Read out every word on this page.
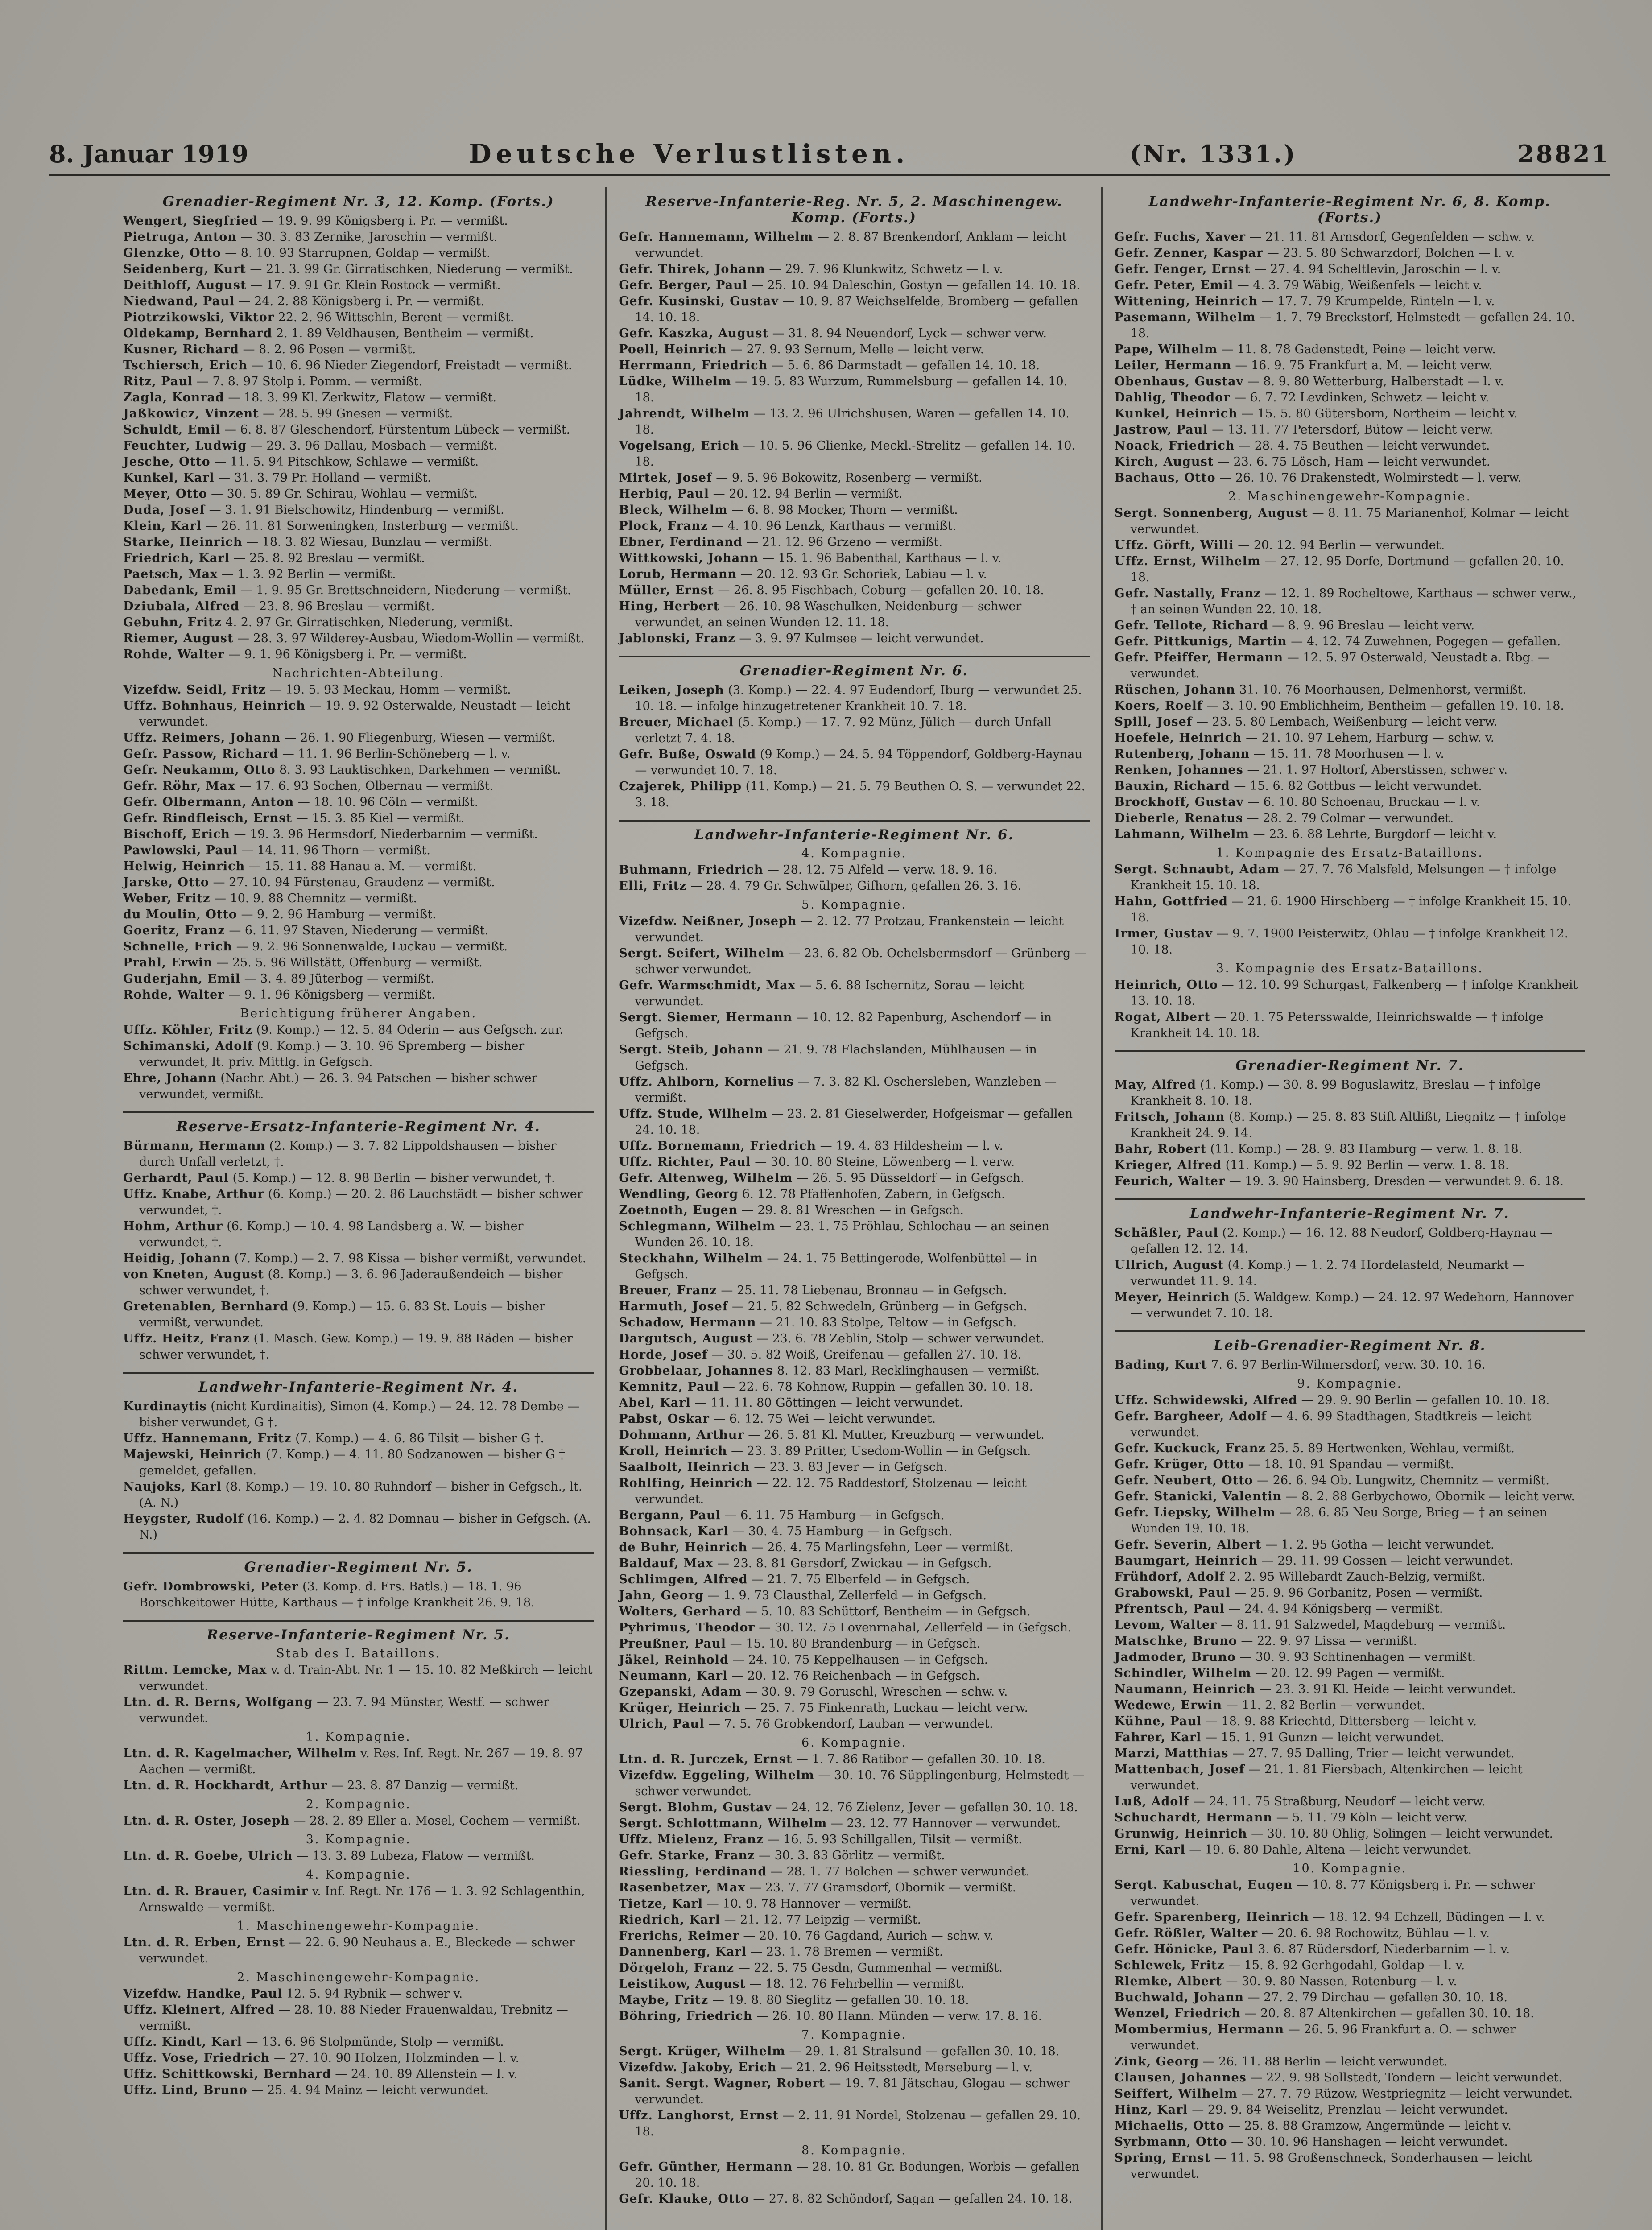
8. Januar 1919	Deutsche Verlustlisten.	(Nr. 1331.)	28821
Grenadier-Regiment Nr. 3, 12. Komp. (Forts.)

Wengert, Siegfried — 19. 9. 99 Königsberg i. Pr. — vermißt.

Pietruga, Anton — 30. 3. 83 Zernike, Jaroschin — vermißt.

Glenzke, Otto — 8. 10. 93 Starrupnen, Goldap — vermißt.

Seidenberg, Kurt — 21. 3. 99 Gr. Girratischken, Niederung — vermißt.

Deithloff, August — 17. 9. 91 Gr. Klein Rostock — vermißt.

Niedwand, Paul — 24. 2. 88 Königsberg i. Pr. — vermißt.

Piotrzikowski, Viktor 22. 2. 96 Wittschin, Berent — vermißt.

Oldekamp, Bernhard 2. 1. 89 Veldhausen, Bentheim — vermißt.

Kusner, Richard — 8. 2. 96 Posen — vermißt.

Tschiersch, Erich — 10. 6. 96 Nieder Ziegendorf, Freistadt — vermißt.

Ritz, Paul — 7. 8. 97 Stolp i. Pomm. — vermißt.

Zagla, Konrad — 18. 3. 99 Kl. Zerkwitz, Flatow — vermißt.

Jaßkowicz, Vinzent — 28. 5. 99 Gnesen — vermißt.

Schuldt, Emil — 6. 8. 87 Gleschendorf, Fürstentum Lübeck — vermißt.

Feuchter, Ludwig — 29. 3. 96 Dallau, Mosbach — vermißt.

Jesche, Otto — 11. 5. 94 Pitschkow, Schlawe — vermißt.

Kunkel, Karl — 31. 3. 79 Pr. Holland — vermißt.

Meyer, Otto — 30. 5. 89 Gr. Schirau, Wohlau — vermißt.

Duda, Josef — 3. 1. 91 Bielschowitz, Hindenburg — vermißt.

Klein, Karl — 26. 11. 81 Sorweningken, Insterburg — vermißt.

Starke, Heinrich — 18. 3. 82 Wiesau, Bunzlau — vermißt.

Friedrich, Karl — 25. 8. 92 Breslau — vermißt.

Paetsch, Max — 1. 3. 92 Berlin — vermißt.

Dabedank, Emil — 1. 9. 95 Gr. Brettschneidern, Niederung — vermißt.

Dziubala, Alfred — 23. 8. 96 Breslau — vermißt.

Gebuhn, Fritz 4. 2. 97 Gr. Girratischken, Niederung, vermißt.

Riemer, August — 28. 3. 97 Wilderey-Ausbau, Wiedom-Wollin — vermißt.

Rohde, Walter — 9. 1. 96 Königsberg i. Pr. — vermißt.

Nachrichten-Abteilung.

Vizefdw. Seidl, Fritz — 19. 5. 93 Meckau, Homm — vermißt.

Uffz. Bohnhaus, Heinrich — 19. 9. 92 Osterwalde, Neustadt — leicht verwundet.

Uffz. Reimers, Johann — 26. 1. 90 Fliegenburg, Wiesen — vermißt.

Gefr. Passow, Richard — 11. 1. 96 Berlin-Schöneberg — l. v.

Gefr. Neukamm, Otto 8. 3. 93 Lauktischken, Darkehmen — vermißt.

Gefr. Röhr, Max — 17. 6. 93 Sochen, Olbernau — vermißt.

Gefr. Olbermann, Anton — 18. 10. 96 Cöln — vermißt.

Gefr. Rindfleisch, Ernst — 15. 3. 85 Kiel — vermißt.

Bischoff, Erich — 19. 3. 96 Hermsdorf, Niederbarnim — vermißt.

Pawlowski, Paul — 14. 11. 96 Thorn — vermißt.

Helwig, Heinrich — 15. 11. 88 Hanau a. M. — vermißt.

Jarske, Otto — 27. 10. 94 Fürstenau, Graudenz — vermißt.

Weber, Fritz — 10. 9. 88 Chemnitz — vermißt.

du Moulin, Otto — 9. 2. 96 Hamburg — vermißt.

Goeritz, Franz — 6. 11. 97 Staven, Niederung — vermißt.

Schnelle, Erich — 9. 2. 96 Sonnenwalde, Luckau — vermißt.

Prahl, Erwin — 25. 5. 96 Willstätt, Offenburg — vermißt.

Guderjahn, Emil — 3. 4. 89 Jüterbog — vermißt.

Rohde, Walter — 9. 1. 96 Königsberg — vermißt.

Berichtigung früherer Angaben.

Uffz. Köhler, Fritz (9. Komp.) — 12. 5. 84 Oderin — aus Gefgsch. zur.

Schimanski, Adolf (9. Komp.) — 3. 10. 96 Spremberg — bisher verwundet, lt. priv. Mittlg. in Gefgsch.

Ehre, Johann (Nachr. Abt.) — 26. 3. 94 Patschen — bisher schwer verwundet, vermißt.

Reserve-Ersatz-Infanterie-Regiment Nr. 4.

Bürmann, Hermann (2. Komp.) — 3. 7. 82 Lippoldshausen — bisher durch Unfall verletzt, †.

Gerhardt, Paul (5. Komp.) — 12. 8. 98 Berlin — bisher verwundet, †.

Uffz. Knabe, Arthur (6. Komp.) — 20. 2. 86 Lauchstädt — bisher schwer verwundet, †.

Hohm, Arthur (6. Komp.) — 10. 4. 98 Landsberg a. W. — bisher verwundet, †.

Heidig, Johann (7. Komp.) — 2. 7. 98 Kissa — bisher vermißt, verwundet.

von Kneten, August (8. Komp.) — 3. 6. 96 Jaderaußendeich — bisher schwer verwundet, †.

Gretenablen, Bernhard (9. Komp.) — 15. 6. 83 St. Louis — bisher vermißt, verwundet.

Uffz. Heitz, Franz (1. Masch. Gew. Komp.) — 19. 9. 88 Räden — bisher schwer verwundet, †.

Landwehr-Infanterie-Regiment Nr. 4.

Kurdinaytis (nicht Kurdinaitis), Simon (4. Komp.) — 24. 12. 78 Dembe — bisher verwundet, G †.

Uffz. Hannemann, Fritz (7. Komp.) — 4. 6. 86 Tilsit — bisher G †.

Majewski, Heinrich (7. Komp.) — 4. 11. 80 Sodzanowen — bisher G † gemeldet, gefallen.

Naujoks, Karl (8. Komp.) — 19. 10. 80 Ruhndorf — bisher in Gefgsch., lt. (A. N.)

Heygster, Rudolf (16. Komp.) — 2. 4. 82 Domnau — bisher in Gefgsch. (A. N.)

Grenadier-Regiment Nr. 5.

Gefr. Dombrowski, Peter (3. Komp. d. Ers. Batls.) — 18. 1. 96 Borschkeitower Hütte, Karthaus — † infolge Krankheit 26. 9. 18.

Reserve-Infanterie-Regiment Nr. 5.
Stab des I. Bataillons.

Rittm. Lemcke, Max v. d. Train-Abt. Nr. 1 — 15. 10. 82 Meßkirch — leicht verwundet.

Ltn. d. R. Berns, Wolfgang — 23. 7. 94 Münster, Westf. — schwer verwundet.

1. Kompagnie.

Ltn. d. R. Kagelmacher, Wilhelm v. Res. Inf. Regt. Nr. 267 — 19. 8. 97 Aachen — vermißt.

Ltn. d. R. Hockhardt, Arthur — 23. 8. 87 Danzig — vermißt.

2. Kompagnie.

Ltn. d. R. Oster, Joseph — 28. 2. 89 Eller a. Mosel, Cochem — vermißt.

3. Kompagnie.

Ltn. d. R. Goebe, Ulrich — 13. 3. 89 Lubeza, Flatow — vermißt.

4. Kompagnie.

Ltn. d. R. Brauer, Casimir v. Inf. Regt. Nr. 176 — 1. 3. 92 Schlagenthin, Arnswalde — vermißt.

1. Maschinengewehr-Kompagnie.

Ltn. d. R. Erben, Ernst — 22. 6. 90 Neuhaus a. E., Bleckede — schwer verwundet.

2. Maschinengewehr-Kompagnie.

Vizefdw. Handke, Paul 12. 5. 94 Rybnik — schwer v.

Uffz. Kleinert, Alfred — 28. 10. 88 Nieder Frauenwaldau, Trebnitz — vermißt.

Uffz. Kindt, Karl — 13. 6. 96 Stolpmünde, Stolp — vermißt.

Uffz. Vose, Friedrich — 27. 10. 90 Holzen, Holzminden — l. v.

Uffz. Schittkowski, Bernhard — 24. 10. 89 Allenstein — l. v.

Uffz. Lind, Bruno — 25. 4. 94 Mainz — leicht verwundet.

Reserve-Infanterie-Reg. Nr. 5, 2. Maschinengew. Komp. (Forts.)

Gefr. Hannemann, Wilhelm — 2. 8. 87 Brenkendorf, Anklam — leicht verwundet.

Gefr. Thirek, Johann — 29. 7. 96 Klunkwitz, Schwetz — l. v.

Gefr. Berger, Paul — 25. 10. 94 Daleschin, Gostyn — gefallen 14. 10. 18.

Gefr. Kusinski, Gustav — 10. 9. 87 Weichselfelde, Bromberg — gefallen 14. 10. 18.

Gefr. Kaszka, August — 31. 8. 94 Neuendorf, Lyck — schwer verw.

Poell, Heinrich — 27. 9. 93 Sernum, Melle — leicht verw.

Herrmann, Friedrich — 5. 6. 86 Darmstadt — gefallen 14. 10. 18.

Lüdke, Wilhelm — 19. 5. 83 Wurzum, Rummelsburg — gefallen 14. 10. 18.

Jahrendt, Wilhelm — 13. 2. 96 Ulrichshusen, Waren — gefallen 14. 10. 18.

Vogelsang, Erich — 10. 5. 96 Glienke, Meckl.-Strelitz — gefallen 14. 10. 18.

Mirtek, Josef — 9. 5. 96 Bokowitz, Rosenberg — vermißt.

Herbig, Paul — 20. 12. 94 Berlin — vermißt.

Bleck, Wilhelm — 6. 8. 98 Mocker, Thorn — vermißt.

Plock, Franz — 4. 10. 96 Lenzk, Karthaus — vermißt.

Ebner, Ferdinand — 21. 12. 96 Grzeno — vermißt.

Wittkowski, Johann — 15. 1. 96 Babenthal, Karthaus — l. v.

Lorub, Hermann — 20. 12. 93 Gr. Schoriek, Labiau — l. v.

Müller, Ernst — 26. 8. 95 Fischbach, Coburg — gefallen 20. 10. 18.

Hing, Herbert — 26. 10. 98 Waschulken, Neidenburg — schwer verwundet, an seinen Wunden 12. 11. 18.

Jablonski, Franz — 3. 9. 97 Kulmsee — leicht verwundet.

Grenadier-Regiment Nr. 6.

Leiken, Joseph (3. Komp.) — 22. 4. 97 Eudendorf, Iburg — verwundet 25. 10. 18. — infolge hinzugetretener Krankheit 10. 7. 18.

Breuer, Michael (5. Komp.) — 17. 7. 92 Münz, Jülich — durch Unfall verletzt 7. 4. 18.

Gefr. Buße, Oswald (9 Komp.) — 24. 5. 94 Töppendorf, Goldberg-Haynau — verwundet 10. 7. 18.

Czajerek, Philipp (11. Komp.) — 21. 5. 79 Beuthen O. S. — verwundet 22. 3. 18.

Landwehr-Infanterie-Regiment Nr. 6.
4. Kompagnie.

Buhmann, Friedrich — 28. 12. 75 Alfeld — verw. 18. 9. 16.

Elli, Fritz — 28. 4. 79 Gr. Schwülper, Gifhorn, gefallen 26. 3. 16.

5. Kompagnie.

Vizefdw. Neißner, Joseph — 2. 12. 77 Protzau, Frankenstein — leicht verwundet.

Sergt. Seifert, Wilhelm — 23. 6. 82 Ob. Ochelsbermsdorf — Grünberg — schwer verwundet.

Gefr. Warmschmidt, Max — 5. 6. 88 Ischernitz, Sorau — leicht verwundet.

Sergt. Siemer, Hermann — 10. 12. 82 Papenburg, Aschendorf — in Gefgsch.

Sergt. Steib, Johann — 21. 9. 78 Flachslanden, Mühlhausen — in Gefgsch.

Uffz. Ahlborn, Kornelius — 7. 3. 82 Kl. Oschersleben, Wanzleben — vermißt.

Uffz. Stude, Wilhelm — 23. 2. 81 Gieselwerder, Hofgeismar — gefallen 24. 10. 18.

Uffz. Bornemann, Friedrich — 19. 4. 83 Hildesheim — l. v.

Uffz. Richter, Paul — 30. 10. 80 Steine, Löwenberg — l. verw.

Gefr. Altenweg, Wilhelm — 26. 5. 95 Düsseldorf — in Gefgsch.

Wendling, Georg 6. 12. 78 Pfaffenhofen, Zabern, in Gefgsch.

Zoetnoth, Eugen — 29. 8. 81 Wreschen — in Gefgsch.

Schlegmann, Wilhelm — 23. 1. 75 Pröhlau, Schlochau — an seinen Wunden 26. 10. 18.

Steckhahn, Wilhelm — 24. 1. 75 Bettingerode, Wolfenbüttel — in Gefgsch.

Breuer, Franz — 25. 11. 78 Liebenau, Bronnau — in Gefgsch.

Harmuth, Josef — 21. 5. 82 Schwedeln, Grünberg — in Gefgsch.

Schadow, Hermann — 21. 10. 83 Stolpe, Teltow — in Gefgsch.

Dargutsch, August — 23. 6. 78 Zeblin, Stolp — schwer verwundet.

Horde, Josef — 30. 5. 82 Woiß, Greifenau — gefallen 27. 10. 18.

Grobbelaar, Johannes 8. 12. 83 Marl, Recklinghausen — vermißt.

Kemnitz, Paul — 22. 6. 78 Kohnow, Ruppin — gefallen 30. 10. 18.

Abel, Karl — 11. 11. 80 Göttingen — leicht verwundet.

Pabst, Oskar — 6. 12. 75 Wei — leicht verwundet.

Dohmann, Arthur — 26. 5. 81 Kl. Mutter, Kreuzburg — verwundet.

Kroll, Heinrich — 23. 3. 89 Pritter, Usedom-Wollin — in Gefgsch.

Saalbolt, Heinrich — 23. 3. 83 Jever — in Gefgsch.

Rohlfing, Heinrich — 22. 12. 75 Raddestorf, Stolzenau — leicht verwundet.

Bergann, Paul — 6. 11. 75 Hamburg — in Gefgsch.

Bohnsack, Karl — 30. 4. 75 Hamburg — in Gefgsch.

de Buhr, Heinrich — 26. 4. 75 Marlingsfehn, Leer — vermißt.

Baldauf, Max — 23. 8. 81 Gersdorf, Zwickau — in Gefgsch.

Schlimgen, Alfred — 21. 7. 75 Elberfeld — in Gefgsch.

Jahn, Georg — 1. 9. 73 Clausthal, Zellerfeld — in Gefgsch.

Wolters, Gerhard — 5. 10. 83 Schüttorf, Bentheim — in Gefgsch.

Pyhrimus, Theodor — 30. 12. 75 Lovenrnahal, Zellerfeld — in Gefgsch.

Preußner, Paul — 15. 10. 80 Brandenburg — in Gefgsch.

Jäkel, Reinhold — 24. 10. 75 Keppelhausen — in Gefgsch.

Neumann, Karl — 20. 12. 76 Reichenbach — in Gefgsch.

Gzepanski, Adam — 30. 9. 79 Goruschl, Wreschen — schw. v.

Krüger, Heinrich — 25. 7. 75 Finkenrath, Luckau — leicht verw.

Ulrich, Paul — 7. 5. 76 Grobkendorf, Lauban — verwundet.

6. Kompagnie.

Ltn. d. R. Jurczek, Ernst — 1. 7. 86 Ratibor — gefallen 30. 10. 18.

Vizefdw. Eggeling, Wilhelm — 30. 10. 76 Süpplingenburg, Helmstedt — schwer verwundet.

Sergt. Blohm, Gustav — 24. 12. 76 Zielenz, Jever — gefallen 30. 10. 18.

Sergt. Schlottmann, Wilhelm — 23. 12. 77 Hannover — verwundet.

Uffz. Mielenz, Franz — 16. 5. 93 Schillgallen, Tilsit — vermißt.

Gefr. Starke, Franz — 30. 3. 83 Görlitz — vermißt.

Riessling, Ferdinand — 28. 1. 77 Bolchen — schwer verwundet.

Rasenbetzer, Max — 23. 7. 77 Gramsdorf, Obornik — vermißt.

Tietze, Karl — 10. 9. 78 Hannover — vermißt.

Riedrich, Karl — 21. 12. 77 Leipzig — vermißt.

Frerichs, Reimer — 20. 10. 76 Gagdand, Aurich — schw. v.

Dannenberg, Karl — 23. 1. 78 Bremen — vermißt.

Dörgeloh, Franz — 22. 5. 75 Gesdn, Gummenhal — vermißt.

Leistikow, August — 18. 12. 76 Fehrbellin — vermißt.

Maybe, Fritz — 19. 8. 80 Sieglitz — gefallen 30. 10. 18.

Böhring, Friedrich — 26. 10. 80 Hann. Münden — verw. 17. 8. 16.

7. Kompagnie.

Sergt. Krüger, Wilhelm — 29. 1. 81 Stralsund — gefallen 30. 10. 18.

Vizefdw. Jakoby, Erich — 21. 2. 96 Heitsstedt, Merseburg — l. v.

Sanit. Sergt. Wagner, Robert — 19. 7. 81 Jätschau, Glogau — schwer verwundet.

Uffz. Langhorst, Ernst — 2. 11. 91 Nordel, Stolzenau — gefallen 29. 10. 18.

8. Kompagnie.

Gefr. Günther, Hermann — 28. 10. 81 Gr. Bodungen, Worbis — gefallen 20. 10. 18.

Gefr. Klauke, Otto — 27. 8. 82 Schöndorf, Sagan — gefallen 24. 10. 18.

Landwehr-Infanterie-Regiment Nr. 6, 8. Komp. (Forts.)

Gefr. Fuchs, Xaver — 21. 11. 81 Arnsdorf, Gegenfelden — schw. v.

Gefr. Zenner, Kaspar — 23. 5. 80 Schwarzdorf, Bolchen — l. v.

Gefr. Fenger, Ernst — 27. 4. 94 Scheltlevin, Jaroschin — l. v.

Gefr. Peter, Emil — 4. 3. 79 Wäbig, Weißenfels — leicht v.

Wittening, Heinrich — 17. 7. 79 Krumpelde, Rinteln — l. v.

Pasemann, Wilhelm — 1. 7. 79 Breckstorf, Helmstedt — gefallen 24. 10. 18.

Pape, Wilhelm — 11. 8. 78 Gadenstedt, Peine — leicht verw.

Leiler, Hermann — 16. 9. 75 Frankfurt a. M. — leicht verw.

Obenhaus, Gustav — 8. 9. 80 Wetterburg, Halberstadt — l. v.

Dahlig, Theodor — 6. 7. 72 Levdinken, Schwetz — leicht v.

Kunkel, Heinrich — 15. 5. 80 Gütersborn, Northeim — leicht v.

Jastrow, Paul — 13. 11. 77 Petersdorf, Bütow — leicht verw.

Noack, Friedrich — 28. 4. 75 Beuthen — leicht verwundet.

Kirch, August — 23. 6. 75 Lösch, Ham — leicht verwundet.

Bachaus, Otto — 26. 10. 76 Drakenstedt, Wolmirstedt — l. verw.

2. Maschinengewehr-Kompagnie.

Sergt. Sonnenberg, August — 8. 11. 75 Marianenhof, Kolmar — leicht verwundet.

Uffz. Görft, Willi — 20. 12. 94 Berlin — verwundet.

Uffz. Ernst, Wilhelm — 27. 12. 95 Dorfe, Dortmund — gefallen 20. 10. 18.

Gefr. Nastally, Franz — 12. 1. 89 Rocheltowe, Karthaus — schwer verw., † an seinen Wunden 22. 10. 18.

Gefr. Tellote, Richard — 8. 9. 96 Breslau — leicht verw.

Gefr. Pittkunigs, Martin — 4. 12. 74 Zuwehnen, Pogegen — gefallen.

Gefr. Pfeiffer, Hermann — 12. 5. 97 Osterwald, Neustadt a. Rbg. — verwundet.

Rüschen, Johann 31. 10. 76 Moorhausen, Delmenhorst, vermißt.

Koers, Roelf — 3. 10. 90 Emblichheim, Bentheim — gefallen 19. 10. 18.

Spill, Josef — 23. 5. 80 Lembach, Weißenburg — leicht verw.

Hoefele, Heinrich — 21. 10. 97 Lehem, Harburg — schw. v.

Rutenberg, Johann — 15. 11. 78 Moorhusen — l. v.

Renken, Johannes — 21. 1. 97 Holtorf, Aberstissen, schwer v.

Bauxin, Richard — 15. 6. 82 Gottbus — leicht verwundet.

Brockhoff, Gustav — 6. 10. 80 Schoenau, Bruckau — l. v.

Dieberle, Renatus — 28. 2. 79 Colmar — verwundet.

Lahmann, Wilhelm — 23. 6. 88 Lehrte, Burgdorf — leicht v.

1. Kompagnie des Ersatz-Bataillons.

Sergt. Schnaubt, Adam — 27. 7. 76 Malsfeld, Melsungen — † infolge Krankheit 15. 10. 18.

Hahn, Gottfried — 21. 6. 1900 Hirschberg — † infolge Krankheit 15. 10. 18.

Irmer, Gustav — 9. 7. 1900 Peisterwitz, Ohlau — † infolge Krankheit 12. 10. 18.

3. Kompagnie des Ersatz-Bataillons.

Heinrich, Otto — 12. 10. 99 Schurgast, Falkenberg — † infolge Krankheit 13. 10. 18.

Rogat, Albert — 20. 1. 75 Petersswalde, Heinrichswalde — † infolge Krankheit 14. 10. 18.

Grenadier-Regiment Nr. 7.

May, Alfred (1. Komp.) — 30. 8. 99 Boguslawitz, Breslau — † infolge Krankheit 8. 10. 18.

Fritsch, Johann (8. Komp.) — 25. 8. 83 Stift Altlißt, Liegnitz — † infolge Krankheit 24. 9. 14.

Bahr, Robert (11. Komp.) — 28. 9. 83 Hamburg — verw. 1. 8. 18.

Krieger, Alfred (11. Komp.) — 5. 9. 92 Berlin — verw. 1. 8. 18.

Feurich, Walter — 19. 3. 90 Hainsberg, Dresden — verwundet 9. 6. 18.

Landwehr-Infanterie-Regiment Nr. 7.

Schäßler, Paul (2. Komp.) — 16. 12. 88 Neudorf, Goldberg-Haynau — gefallen 12. 12. 14.

Ullrich, August (4. Komp.) — 1. 2. 74 Hordelasfeld, Neumarkt — verwundet 11. 9. 14.

Meyer, Heinrich (5. Waldgew. Komp.) — 24. 12. 97 Wedehorn, Hannover — verwundet 7. 10. 18.

Leib-Grenadier-Regiment Nr. 8.

Bading, Kurt 7. 6. 97 Berlin-Wilmersdorf, verw. 30. 10. 16.

9. Kompagnie.

Uffz. Schwidewski, Alfred — 29. 9. 90 Berlin — gefallen 10. 10. 18.

Gefr. Bargheer, Adolf — 4. 6. 99 Stadthagen, Stadtkreis — leicht verwundet.

Gefr. Kuckuck, Franz 25. 5. 89 Hertwenken, Wehlau, vermißt.

Gefr. Krüger, Otto — 18. 10. 91 Spandau — vermißt.

Gefr. Neubert, Otto — 26. 6. 94 Ob. Lungwitz, Chemnitz — vermißt.

Gefr. Stanicki, Valentin — 8. 2. 88 Gerbychowo, Obornik — leicht verw.

Gefr. Liepsky, Wilhelm — 28. 6. 85 Neu Sorge, Brieg — † an seinen Wunden 19. 10. 18.

Gefr. Severin, Albert — 1. 2. 95 Gotha — leicht verwundet.

Baumgart, Heinrich — 29. 11. 99 Gossen — leicht verwundet.

Frühdorf, Adolf 2. 2. 95 Willebardt Zauch-Belzig, vermißt.

Grabowski, Paul — 25. 9. 96 Gorbanitz, Posen — vermißt.

Pfrentsch, Paul — 24. 4. 94 Königsberg — vermißt.

Levom, Walter — 8. 11. 91 Salzwedel, Magdeburg — vermißt.

Matschke, Bruno — 22. 9. 97 Lissa — vermißt.

Jadmoder, Bruno — 30. 9. 93 Schtinenhagen — vermißt.

Schindler, Wilhelm — 20. 12. 99 Pagen — vermißt.

Naumann, Heinrich — 23. 3. 91 Kl. Heide — leicht verwundet.

Wedewe, Erwin — 11. 2. 82 Berlin — verwundet.

Kühne, Paul — 18. 9. 88 Kriechtd, Dittersberg — leicht v.

Fahrer, Karl — 15. 1. 91 Gunzn — leicht verwundet.

Marzi, Matthias — 27. 7. 95 Dalling, Trier — leicht verwundet.

Mattenbach, Josef — 21. 1. 81 Fiersbach, Altenkirchen — leicht verwundet.

Luß, Adolf — 24. 11. 75 Straßburg, Neudorf — leicht verw.

Schuchardt, Hermann — 5. 11. 79 Köln — leicht verw.

Grunwig, Heinrich — 30. 10. 80 Ohlig, Solingen — leicht verwundet.

Erni, Karl — 19. 6. 80 Dahle, Altena — leicht verwundet.

10. Kompagnie.

Sergt. Kabuschat, Eugen — 10. 8. 77 Königsberg i. Pr. — schwer verwundet.

Gefr. Sparenberg, Heinrich — 18. 12. 94 Echzell, Büdingen — l. v.

Gefr. Rößler, Walter — 20. 6. 98 Rochowitz, Bühlau — l. v.

Gefr. Hönicke, Paul 3. 6. 87 Rüdersdorf, Niederbarnim — l. v.

Schlewek, Fritz — 15. 8. 92 Gerhgodahl, Goldap — l. v.

Rlemke, Albert — 30. 9. 80 Nassen, Rotenburg — l. v.

Buchwald, Johann — 27. 2. 79 Dirchau — gefallen 30. 10. 18.

Wenzel, Friedrich — 20. 8. 87 Altenkirchen — gefallen 30. 10. 18.

Mombermius, Hermann — 26. 5. 96 Frankfurt a. O. — schwer verwundet.

Zink, Georg — 26. 11. 88 Berlin — leicht verwundet.

Clausen, Johannes — 22. 9. 98 Sollstedt, Tondern — leicht verwundet.

Seiffert, Wilhelm — 27. 7. 79 Rüzow, Westpriegnitz — leicht verwundet.

Hinz, Karl — 29. 9. 84 Weiselitz, Prenzlau — leicht verwundet.

Michaelis, Otto — 25. 8. 88 Gramzow, Angermünde — leicht v.

Syrbmann, Otto — 30. 10. 96 Hanshagen — leicht verwundet.

Spring, Ernst — 11. 5. 98 Großenschneck, Sonderhausen — leicht verwundet.
